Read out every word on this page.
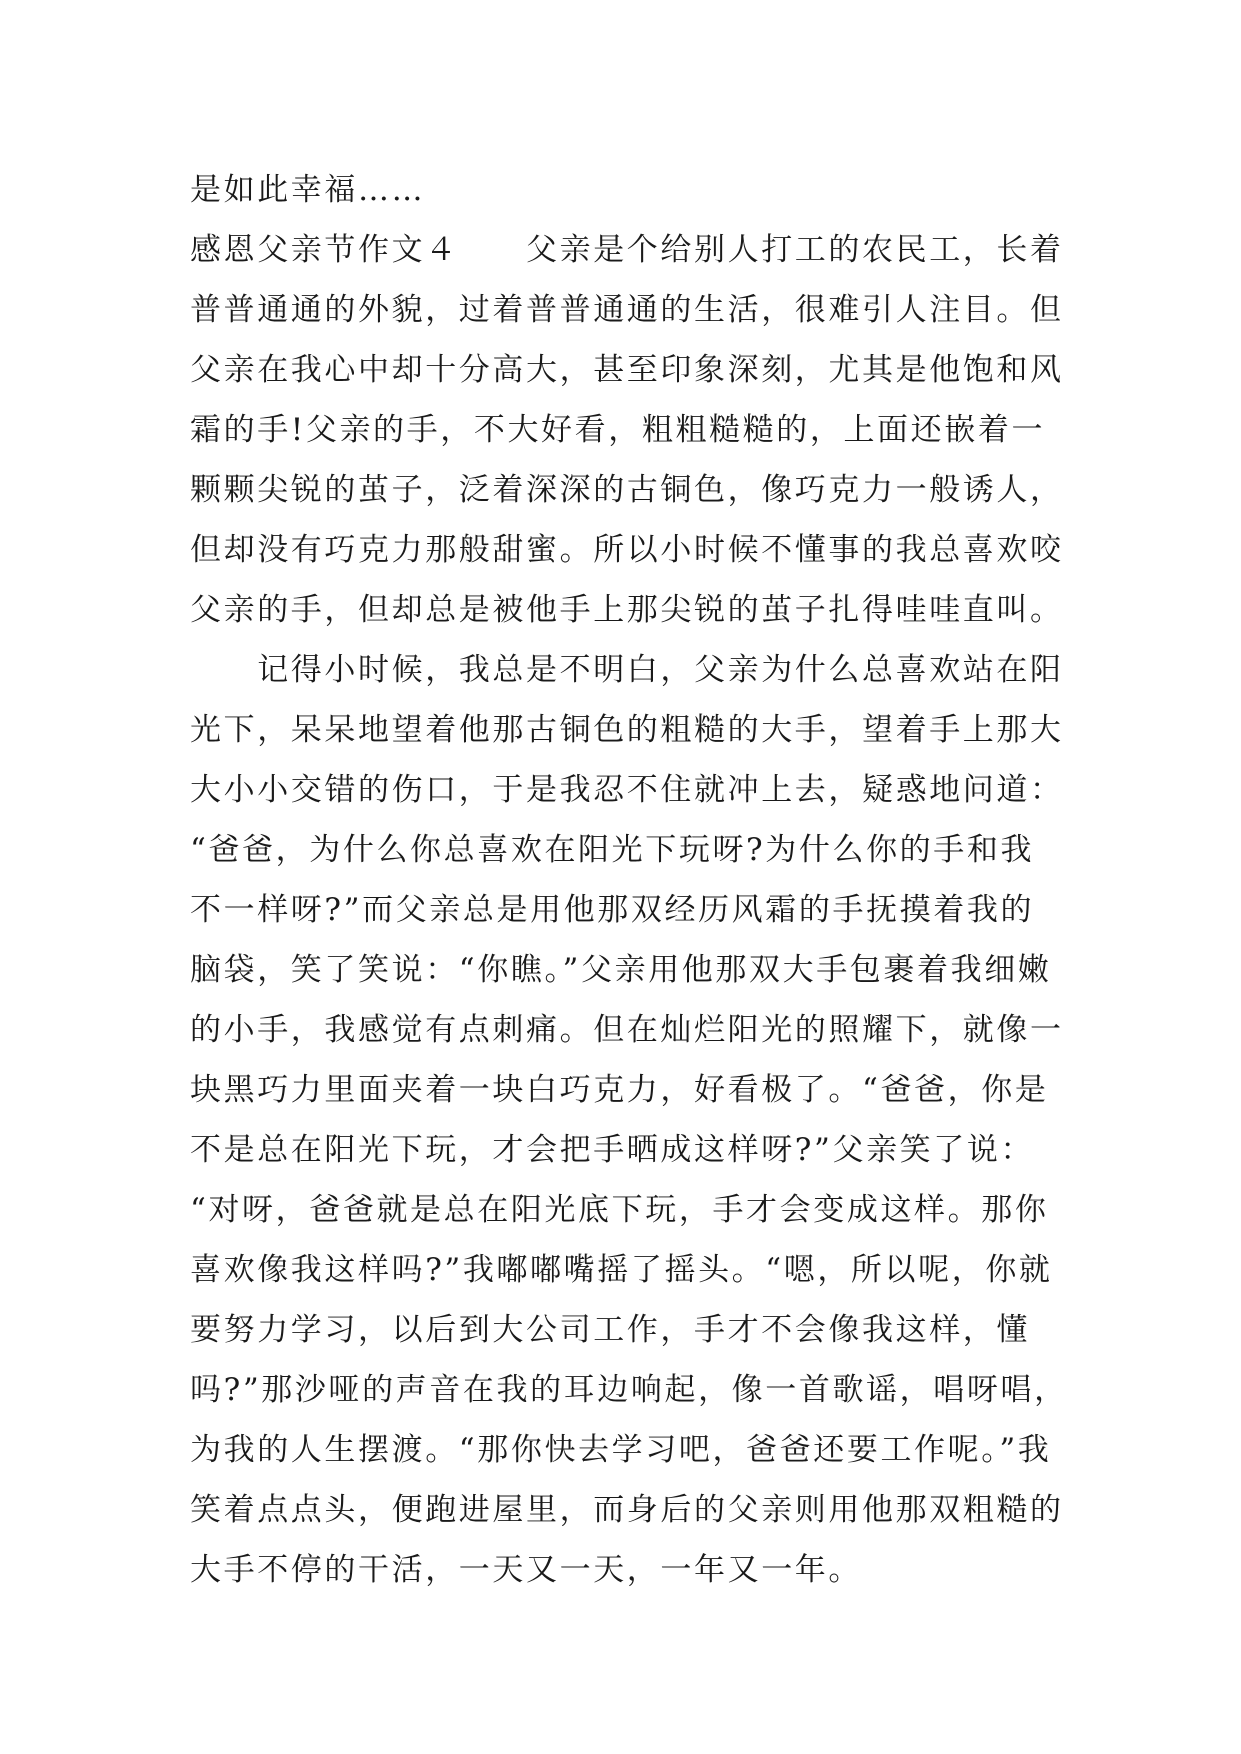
是如此幸福……
感恩父亲节作文４　　父亲是个给别人打工的农民工，长着
普普通通的外貌，过着普普通通的生活，很难引人注目。但
父亲在我心中却十分高大，甚至印象深刻，尤其是他饱和风
霜的手!父亲的手，不大好看，粗粗糙糙的，上面还嵌着一
颗颗尖锐的茧子，泛着深深的古铜色，像巧克力一般诱人，
但却没有巧克力那般甜蜜。所以小时候不懂事的我总喜欢咬
父亲的手，但却总是被他手上那尖锐的茧子扎得哇哇直叫。
　　记得小时候，我总是不明白，父亲为什么总喜欢站在阳
光下，呆呆地望着他那古铜色的粗糙的大手，望着手上那大
大小小交错的伤口，于是我忍不住就冲上去，疑惑地问道：
“爸爸，为什么你总喜欢在阳光下玩呀?为什么你的手和我
不一样呀?”而父亲总是用他那双经历风霜的手抚摸着我的
脑袋，笑了笑说：“你瞧。”父亲用他那双大手包裹着我细嫩
的小手，我感觉有点刺痛。但在灿烂阳光的照耀下，就像一
块黑巧力里面夹着一块白巧克力，好看极了。“爸爸，你是
不是总在阳光下玩，才会把手晒成这样呀?”父亲笑了说：
“对呀，爸爸就是总在阳光底下玩，手才会变成这样。那你
喜欢像我这样吗?”我嘟嘟嘴摇了摇头。“嗯，所以呢，你就
要努力学习，以后到大公司工作，手才不会像我这样，懂
吗?”那沙哑的声音在我的耳边响起，像一首歌谣，唱呀唱，
为我的人生摆渡。“那你快去学习吧，爸爸还要工作呢。”我
笑着点点头，便跑进屋里，而身后的父亲则用他那双粗糙的
大手不停的干活，一天又一天，一年又一年。
